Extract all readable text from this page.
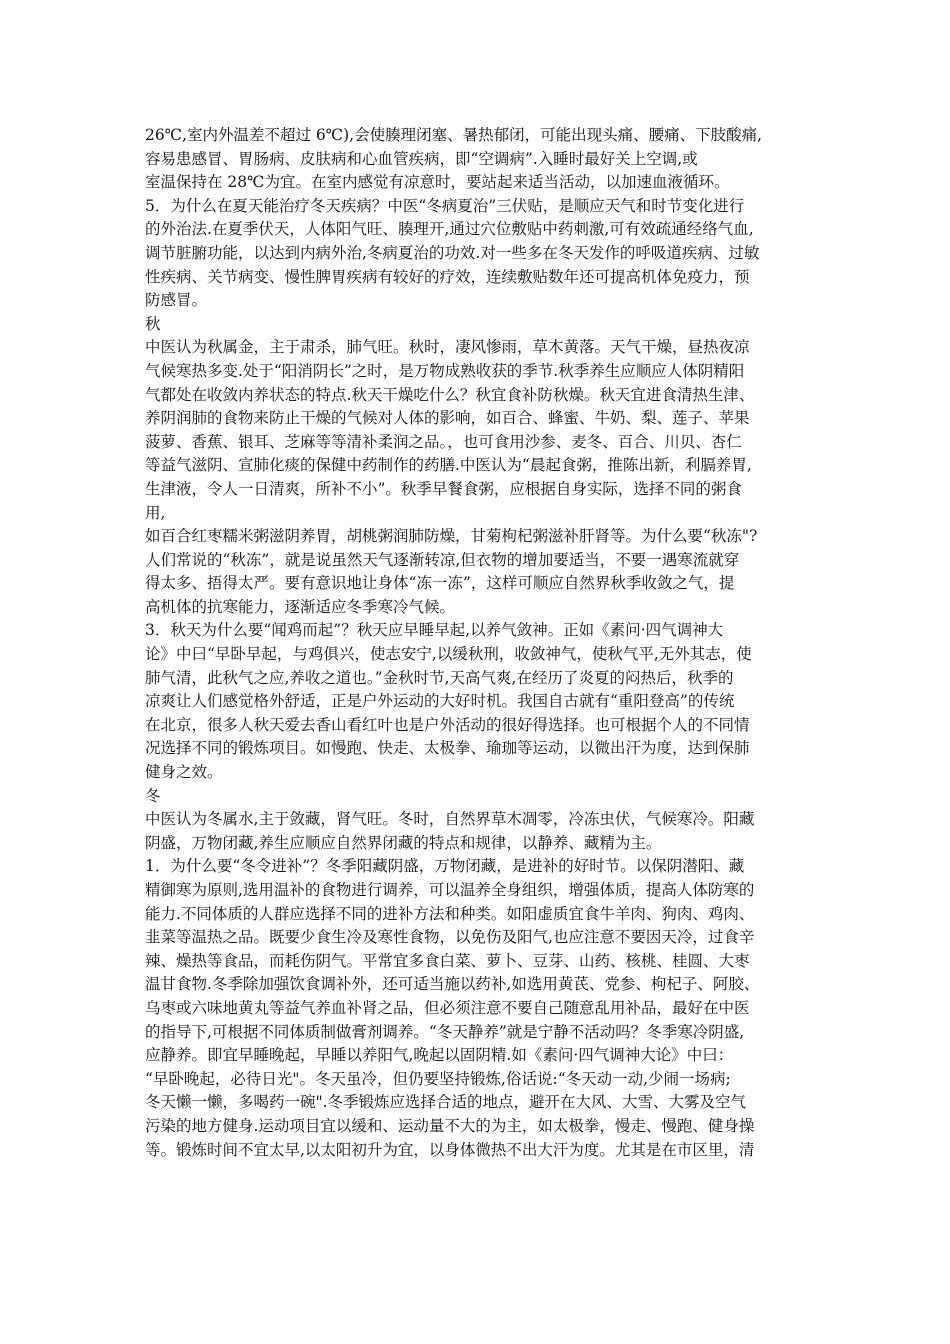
26℃,室内外温差不超过 6℃),会使腠理闭塞、暑热郁闭，可能出现头痛、腰痛、下肢酸痛,
容易患感冒、胃肠病、皮肤病和心血管疾病，即“空调病”.入睡时最好关上空调,或
室温保持在 28℃为宜。在室内感觉有凉意时，要站起来适当活动，以加速血液循环。
5．为什么在夏天能治疗冬天疾病？中医“冬病夏治”三伏贴，是顺应天气和时节变化进行
的外治法.在夏季伏天，人体阳气旺、腠理开,通过穴位敷贴中药刺激,可有效疏通经络气血,
调节脏腑功能，以达到内病外治,冬病夏治的功效.对一些多在冬天发作的呼吸道疾病、过敏
性疾病、关节病变、慢性脾胃疾病有较好的疗效，连续敷贴数年还可提高机体免疫力，预
防感冒。
秋
中医认为秋属金，主于肃杀，肺气旺。秋时，凄风惨雨，草木黄落。天气干燥，昼热夜凉
气候寒热多变.处于“阳消阴长”之时，是万物成熟收获的季节.秋季养生应顺应人体阴精阳
气都处在收敛内养状态的特点.秋天干燥吃什么？秋宜食补防秋燥。秋天宜进食清热生津、
养阴润肺的食物来防止干燥的气候对人体的影响，如百合、蜂蜜、牛奶、梨、莲子、苹果
菠萝、香蕉、银耳、芝麻等等清补柔润之品。，也可食用沙参、麦冬、百合、川贝、杏仁
等益气滋阴、宣肺化痰的保健中药制作的药膳.中医认为“晨起食粥，推陈出新，利膈养胃,
生津液，令人一日清爽，所补不小”。秋季早餐食粥，应根据自身实际，选择不同的粥食
用,
如百合红枣糯米粥滋阴养胃，胡桃粥润肺防燥，甘菊枸杞粥滋补肝肾等。为什么要“秋冻"?
人们常说的“秋冻”，就是说虽然天气逐渐转凉,但衣物的增加要适当，不要一遇寒流就穿
得太多、捂得太严。要有意识地让身体“冻一冻”，这样可顺应自然界秋季收敛之气，提
高机体的抗寒能力，逐渐适应冬季寒冷气候。
3．秋天为什么要“闻鸡而起”？秋天应早睡早起,以养气敛神。正如《素问·四气调神大
论》中曰“早卧早起，与鸡俱兴，使志安宁,以缓秋刑，收敛神气，使秋气平,无外其志，使
肺气清，此秋气之应,养收之道也。”金秋时节,天高气爽,在经历了炎夏的闷热后，秋季的
凉爽让人们感觉格外舒适，正是户外运动的大好时机。我国自古就有“重阳登高”的传统
在北京，很多人秋天爱去香山看红叶也是户外活动的很好得选择。也可根据个人的不同情
况选择不同的锻炼项目。如慢跑、快走、太极拳、瑜珈等运动，以微出汗为度，达到保肺
健身之效。
冬
中医认为冬属水,主于敛藏，肾气旺。冬时，自然界草木凋零，冷冻虫伏，气候寒冷。阳藏
阴盛，万物闭藏,养生应顺应自然界闭藏的特点和规律，以静养、藏精为主。
1．为什么要“冬令进补”？冬季阳藏阴盛，万物闭藏，是进补的好时节。以保阴潜阳、藏
精御寒为原则,选用温补的食物进行调养，可以温养全身组织，增强体质，提高人体防寒的
能力.不同体质的人群应选择不同的进补方法和种类。如阳虚质宜食牛羊肉、狗肉、鸡肉、
韭菜等温热之品。既要少食生冷及寒性食物，以免伤及阳气,也应注意不要因天冷，过食辛
辣、燥热等食品，而耗伤阴气。平常宜多食白菜、萝卜、豆芽、山药、核桃、桂圆、大枣
温甘食物.冬季除加强饮食调补外，还可适当施以药补,如选用黄芪、党参、枸杞子、阿胶、
乌枣或六味地黄丸等益气养血补肾之品，但必须注意不要自己随意乱用补品，最好在中医
的指导下,可根据不同体质制做膏剂调养。“冬天静养”就是宁静不活动吗？冬季寒冷阴盛,
应静养。即宜早睡晚起，早睡以养阳气,晚起以固阴精.如《素问·四气调神大论》中曰：
“早卧晚起，必待日光"。冬天虽冷，但仍要坚持锻炼,俗话说:“冬天动一动,少闹一场病;
冬天懒一懒，多喝药一碗".冬季锻炼应选择合适的地点，避开在大风、大雪、大雾及空气
污染的地方健身.运动项目宜以缓和、运动量不大的为主，如太极拳，慢走、慢跑、健身操
等。锻炼时间不宜太早,以太阳初升为宜，以身体微热不出大汗为度。尤其是在市区里，清
